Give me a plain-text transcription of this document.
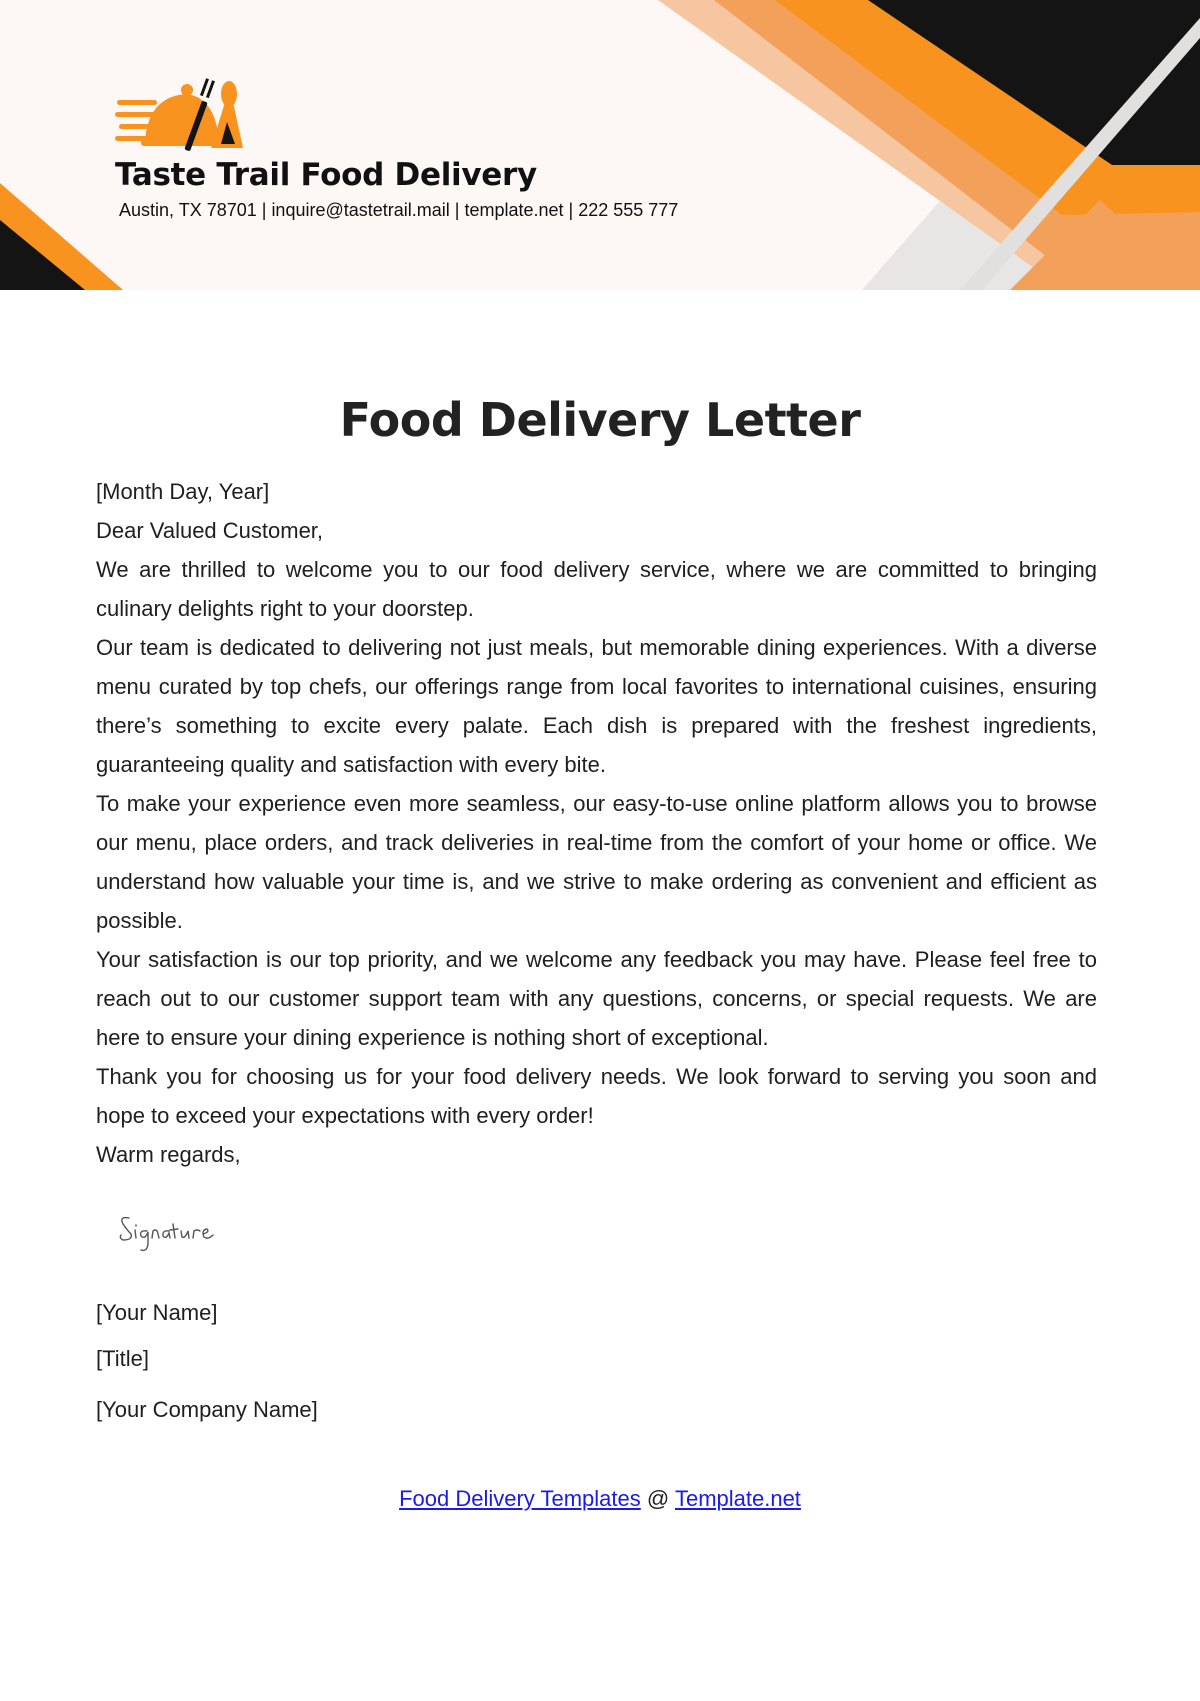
Taste Trail Food Delivery

Austin, TX 78701 | inquire@tastetrail.mail | template.net | 222 555 777

Food Delivery Letter

[Month Day, Year]

Dear Valued Customer,

We are thrilled to welcome you to our food delivery service, where we are committed to bringing culinary delights right to your doorstep.

Our team is dedicated to delivering not just meals, but memorable dining experiences. With a diverse menu curated by top chefs, our offerings range from local favorites to international cuisines, ensuring there’s something to excite every palate. Each dish is prepared with the freshest ingredients, guaranteeing quality and satisfaction with every bite.

To make your experience even more seamless, our easy-to-use online platform allows you to browse our menu, place orders, and track deliveries in real-time from the comfort of your home or office. We understand how valuable your time is, and we strive to make ordering as convenient and efficient as possible.

Your satisfaction is our top priority, and we welcome any feedback you may have. Please feel free to reach out to our customer support team with any questions, concerns, or special requests. We are here to ensure your dining experience is nothing short of exceptional.

Thank you for choosing us for your food delivery needs. We look forward to serving you soon and hope to exceed your expectations with every order!

Warm regards,

[Your Name]
[Title]
[Your Company Name]
Food Delivery Templates @ Template.net
